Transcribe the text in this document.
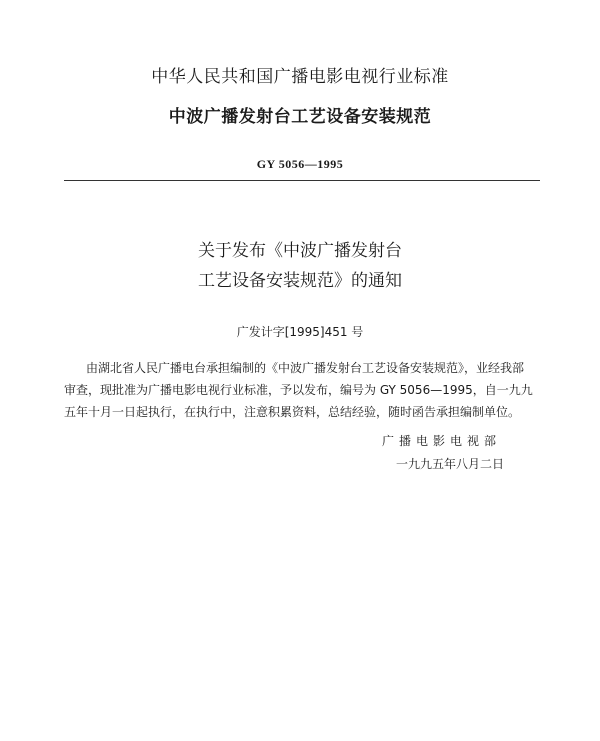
中华人民共和国广播电影电视行业标准
中波广播发射台工艺设备安装规范
GY 5056—1995
关于发布《中波广播发射台
工艺设备安装规范》的通知
广发计字[1995]451 号
由湖北省人民广播电台承担编制的《中波广播发射台工艺设备安装规范》，业经我部
审查，现批准为广播电影电视行业标准，予以发布，编号为 GY 5056—1995，自一九九
五年十月一日起执行，在执行中，注意积累资料，总结经验，随时函告承担编制单位。
广播电影电视部
一九九五年八月二日
